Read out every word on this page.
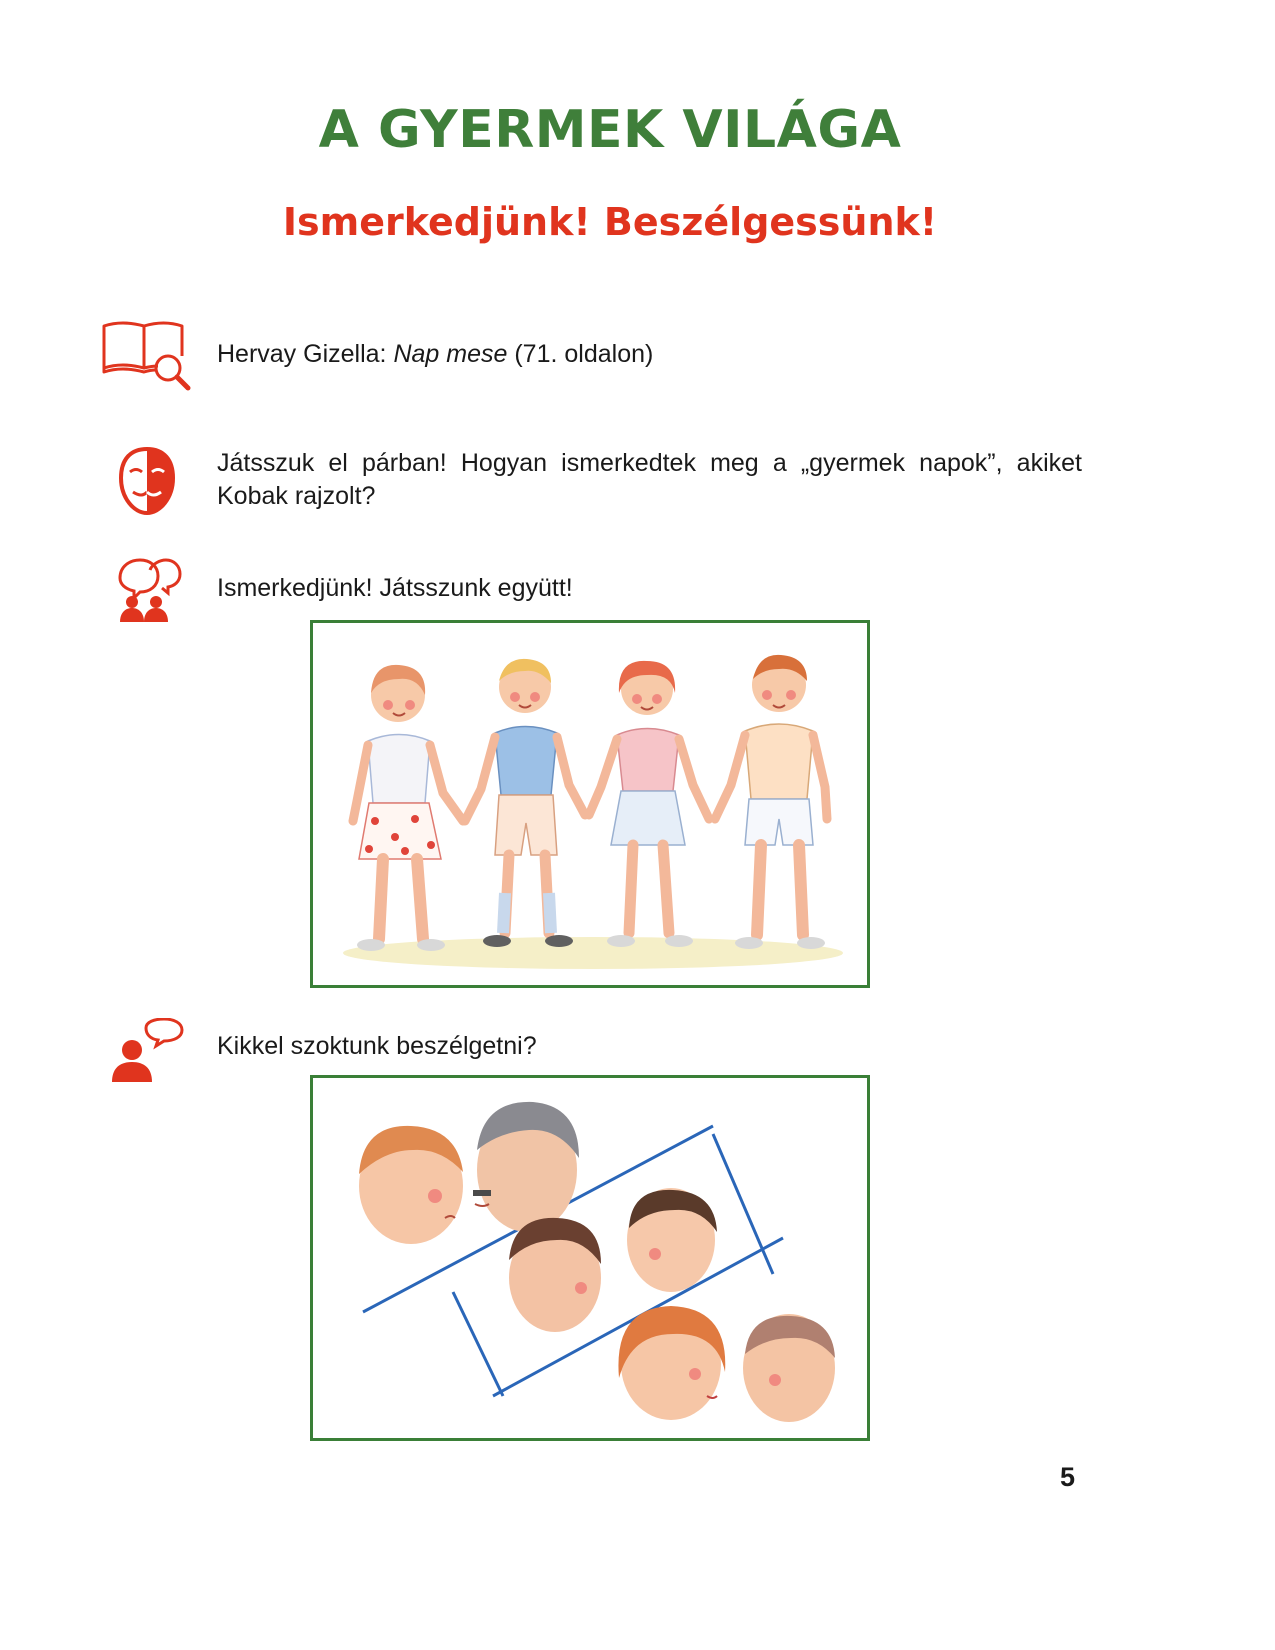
A GYERMEK VILÁGA
Ismerkedjünk! Beszélgessünk!

Hervay Gizella: Nap mese (71. oldalon)

Játsszuk el párban! Hogyan ismerkedtek meg a „gyermek napok”, akiket Kobak rajzolt?

Ismerkedjünk! Játsszunk együtt!

Kikkel szoktunk beszélgetni?

5
